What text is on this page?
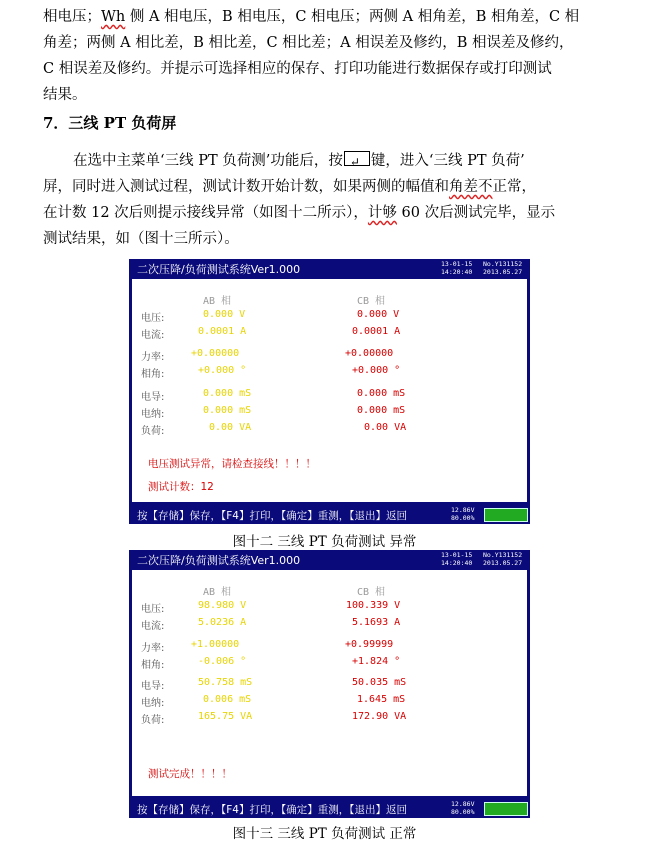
相电压；Wh 侧 A 相电压，B 相电压，C 相电压；两侧 A 相角差，B 相角差，C 相
角差；两侧 A 相比差，B 相比差，C 相比差；A 相误差及修约，B 相误差及修约，
C 相误差及修约。并提示可选择相应的保存、打印功能进行数据保存或打印测试
结果。
7．三线 PT 负荷屏
在选中主菜单‘三线 PT 负荷测’功能后，按↵ 键，进入‘三线 PT 负荷’
屏，同时进入测试过程，测试计数开始计数，如果两侧的幅值和角差不正常，
在计数 12 次后则提示接线异常（如图十二所示），计够 60 次后测试完毕，显示
测试结果，如（图十三所示）。
二次压降/负荷测试系统Ver1.000	13-01-15
14:20:40
No.Y131152
2013.05.27
AB 相	CB 相
电压:	0.000 V	0.000 V
电流:	0.0001 A	0.0001 A
力率:	+0.00000	+0.00000
相角:	+0.000 °	+0.000 °
电导:	0.000 mS	0.000 mS
电纳:	0.000 mS	0.000 mS
负荷:	0.00 VA	0.00 VA
电压测试异常，请检查接线！！！！
测试计数：12
按【存储】保存，【F4】打印，【确定】重测，【退出】返回	12.86V
80.00%
图十二 三线 PT 负荷测试 异常
二次压降/负荷测试系统Ver1.000	13-01-15
14:20:40
No.Y131152
2013.05.27
AB 相	CB 相
电压:	98.980 V	100.339 V
电流:	5.0236 A	5.1693 A
力率:	+1.00000	+0.99999
相角:	-0.006 °	+1.824 °
电导:	50.758 mS	50.035 mS
电纳:	0.006 mS	1.645 mS
负荷:	165.75 VA	172.90 VA
测试完成！！！！
按【存储】保存，【F4】打印，【确定】重测，【退出】返回	12.86V
80.00%
图十三 三线 PT 负荷测试 正常
